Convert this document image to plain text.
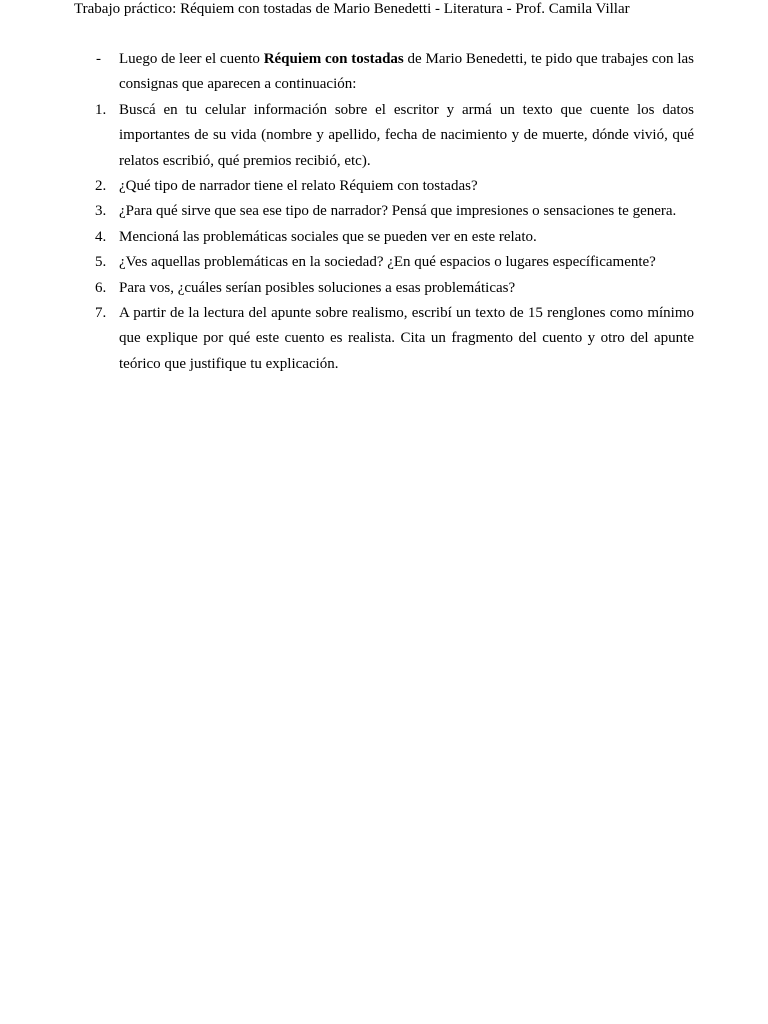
Trabajo práctico: Réquiem con tostadas de Mario Benedetti - Literatura - Prof. Camila Villar
- Luego de leer el cuento Réquiem con tostadas de Mario Benedetti, te pido que trabajes con las consignas que aparecen a continuación:
1. Buscá en tu celular información sobre el escritor y armá un texto que cuente los datos importantes de su vida (nombre y apellido, fecha de nacimiento y de muerte, dónde vivió, qué relatos escribió, qué premios recibió, etc).
2. ¿Qué tipo de narrador tiene el relato Réquiem con tostadas?
3. ¿Para qué sirve que sea ese tipo de narrador? Pensá que impresiones o sensaciones te genera.
4. Mencioná las problemáticas sociales que se pueden ver en este relato.
5. ¿Ves aquellas problemáticas en la sociedad? ¿En qué espacios o lugares específicamente?
6. Para vos, ¿cuáles serían posibles soluciones a esas problemáticas?
7. A partir de la lectura del apunte sobre realismo, escribí un texto de 15 renglones como mínimo que explique por qué este cuento es realista. Cita un fragmento del cuento y otro del apunte teórico que justifique tu explicación.
